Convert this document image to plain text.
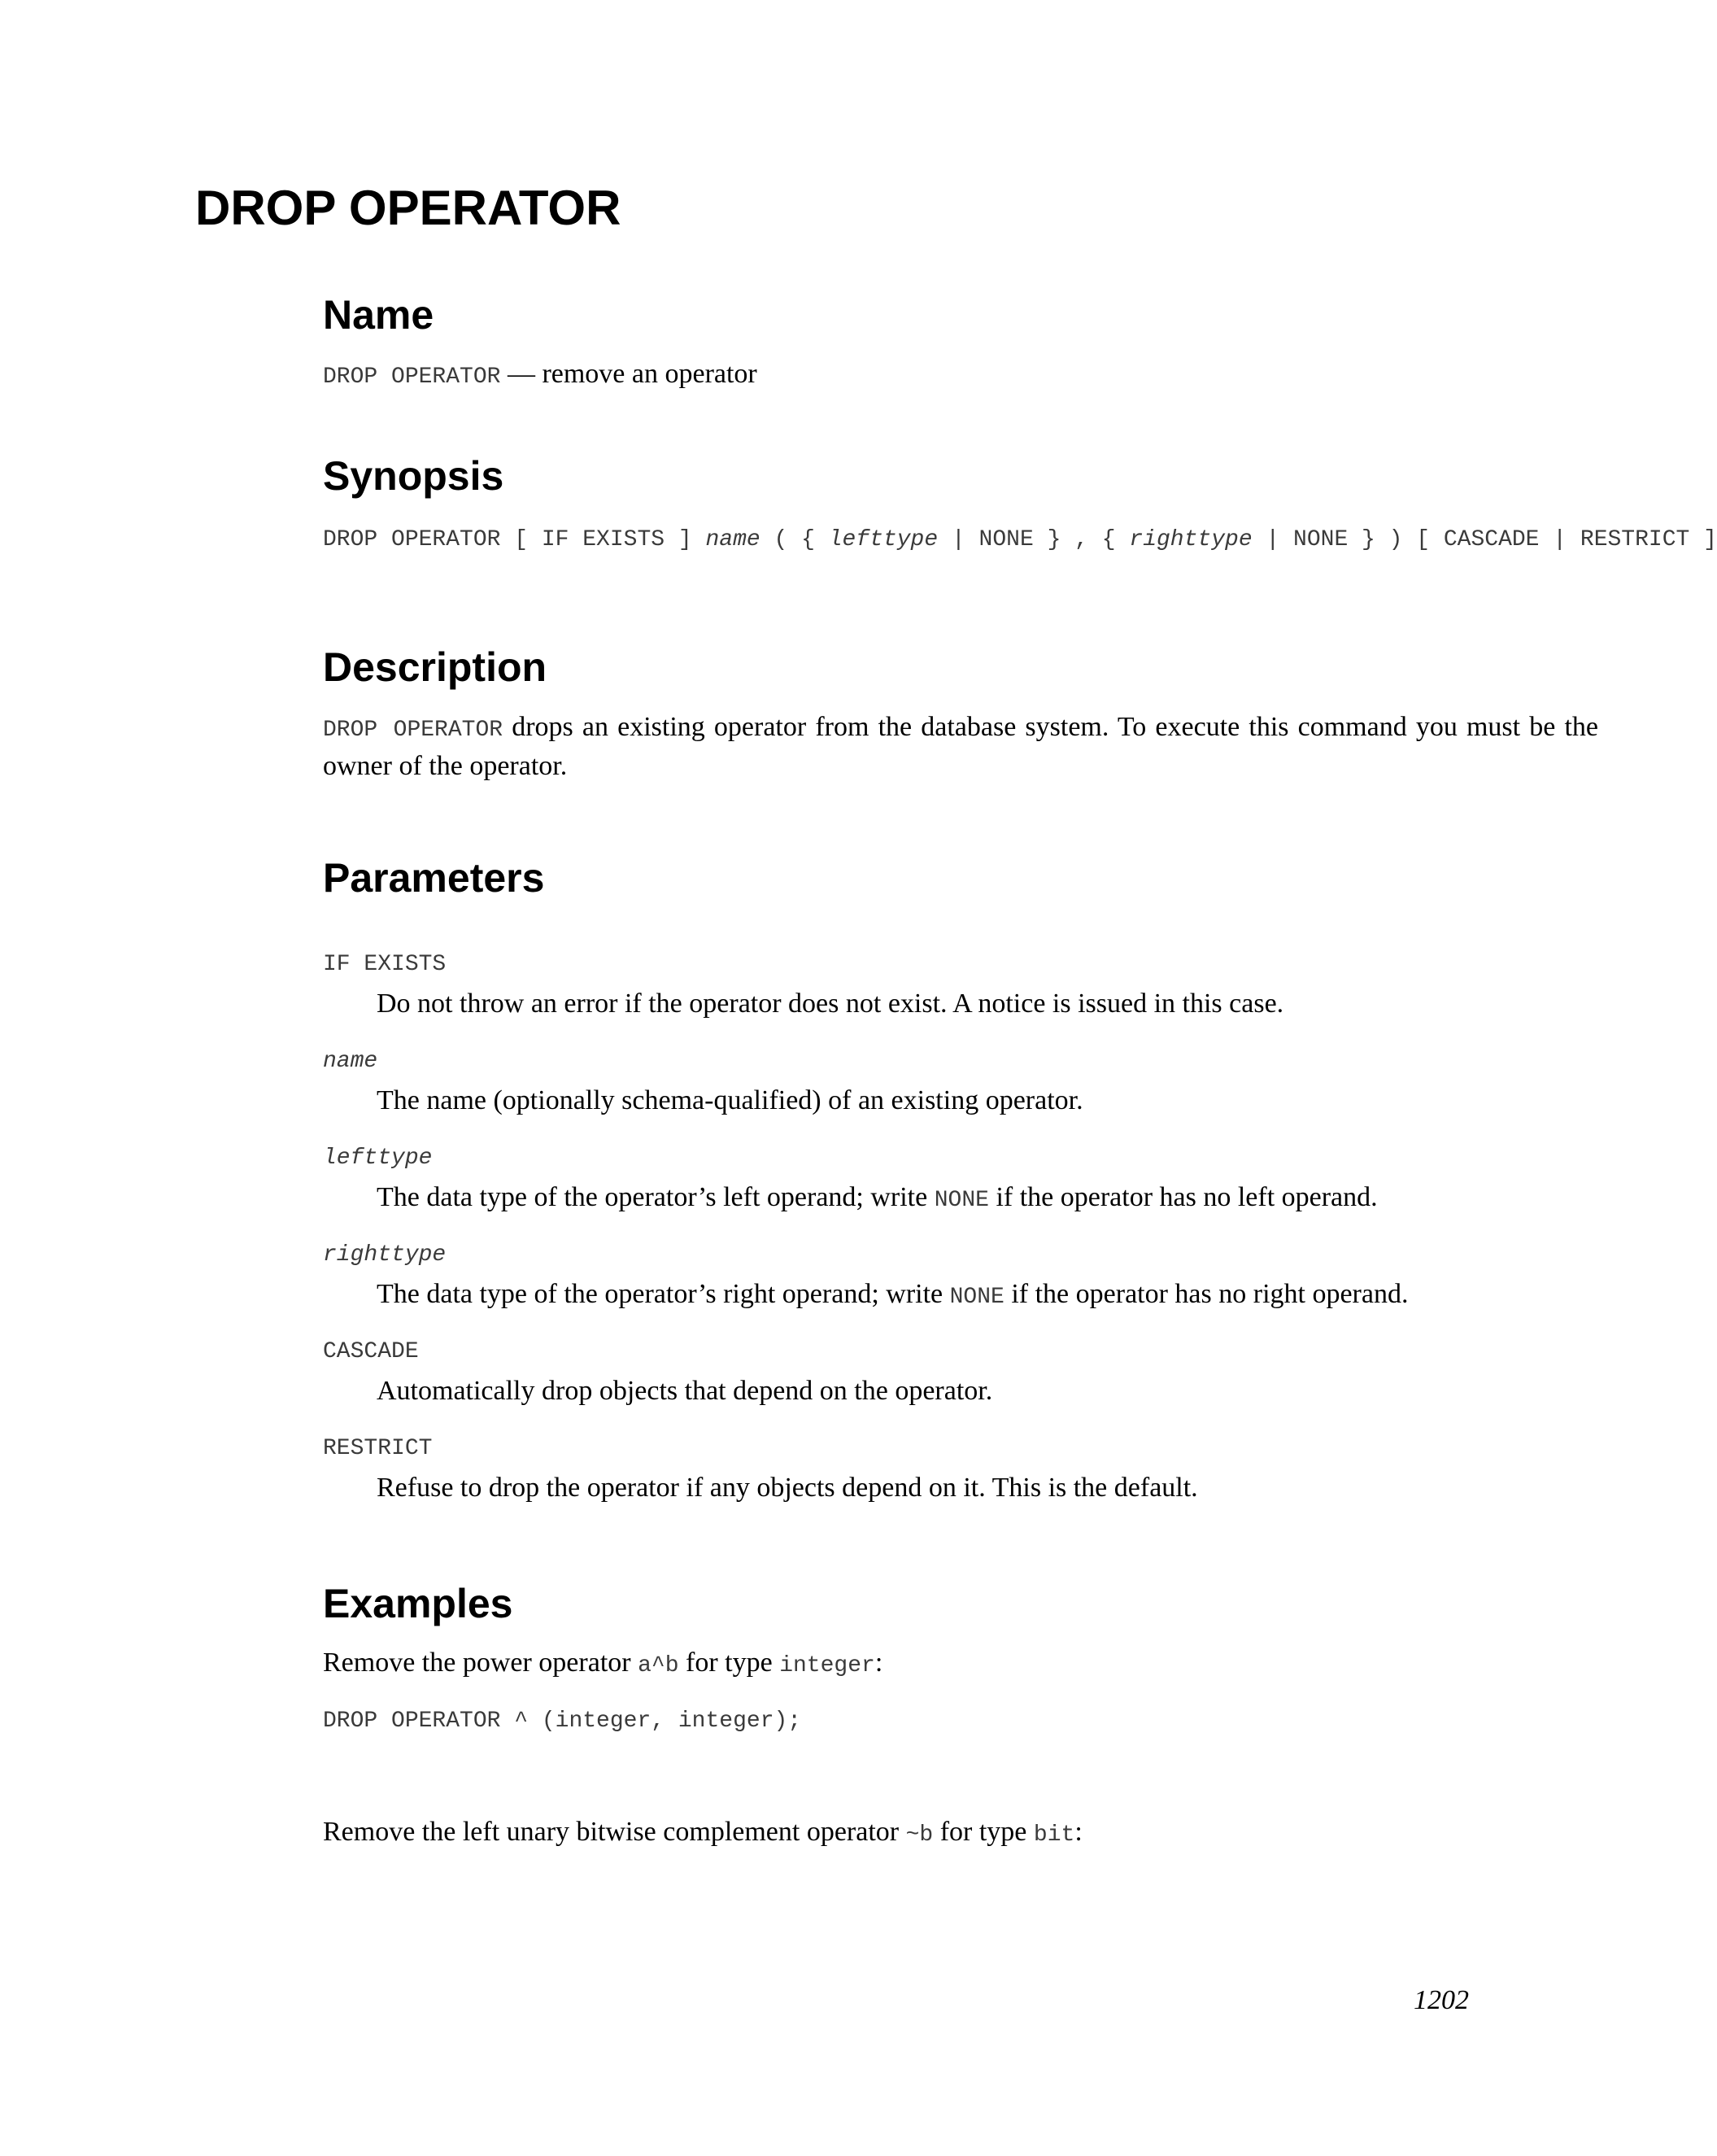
DROP OPERATOR
Name

DROP OPERATOR — remove an operator

Synopsis
DROP OPERATOR [ IF EXISTS ] name ( { lefttype | NONE } , { righttype | NONE } ) [ CASCADE | RESTRICT ]
Description

DROP OPERATOR drops an existing operator from the database system. To execute this command you must be the owner of the operator.

Parameters
IF EXISTS

Do not throw an error if the operator does not exist. A notice is issued in this case.

name

The name (optionally schema-qualified) of an existing operator.

lefttype

The data type of the operator’s left operand; write NONE if the operator has no left operand.

righttype

The data type of the operator’s right operand; write NONE if the operator has no right operand.

CASCADE

Automatically drop objects that depend on the operator.

RESTRICT

Refuse to drop the operator if any objects depend on it. This is the default.

Examples

Remove the power operator a^b for type integer:

DROP OPERATOR ^ (integer, integer);

Remove the left unary bitwise complement operator ~b for type bit:

1202
